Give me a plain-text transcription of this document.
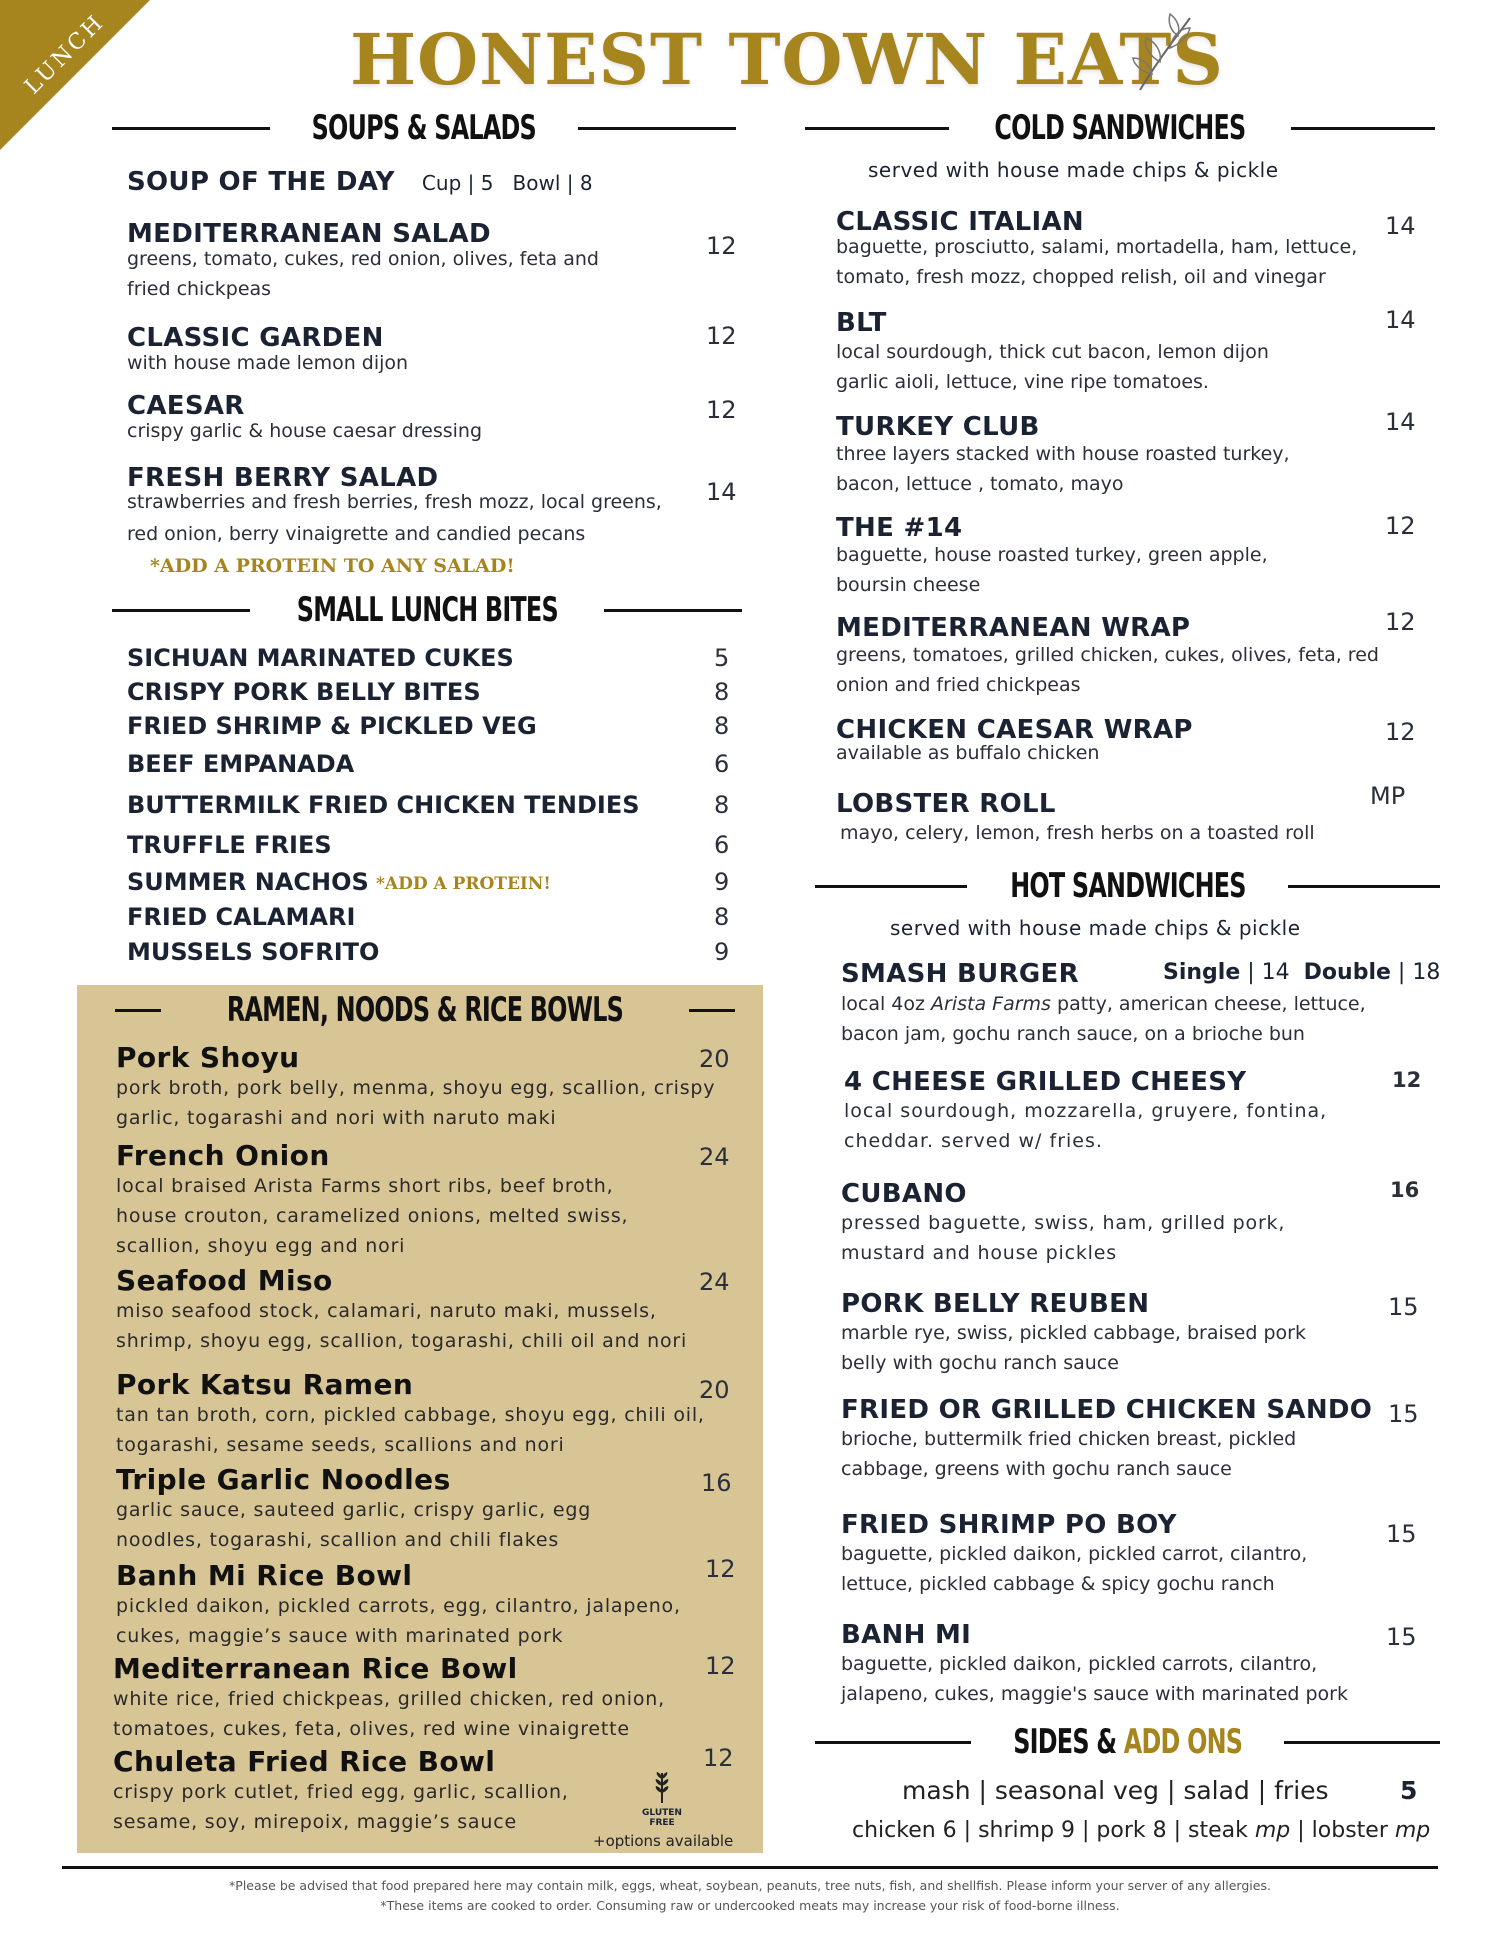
LUNCH	HONEST TOWN EATS
SOUPS & SALADS
SOUP OF THE DAY Cup | 5   Bowl | 8
MEDITERRANEAN SALAD
greens, tomato, cukes, red onion, olives, feta and fried chickpeas
12
CLASSIC GARDEN
with house made lemon dijon
12
CAESAR
crispy garlic & house caesar dressing
12
FRESH BERRY SALAD
strawberries and fresh berries, fresh mozz, local greens, red onion, berry vinaigrette and candied pecans
14
*ADD A PROTEIN TO ANY SALAD!
SMALL LUNCH BITES
SICHUAN MARINATED CUKES	5
CRISPY PORK BELLY BITES	8
FRIED SHRIMP & PICKLED VEG	8
BEEF EMPANADA	6
BUTTERMILK FRIED CHICKEN TENDIES	8
TRUFFLE FRIES	6
SUMMER NACHOS *ADD A PROTEIN!	9
FRIED CALAMARI	8
MUSSELS SOFRITO	9
RAMEN, NOODS & RICE BOWLS
Pork Shoyu
pork broth, pork belly, menma, shoyu egg, scallion, crispy garlic, togarashi and nori with naruto maki
20
French Onion
local braised Arista Farms short ribs, beef broth, house crouton, caramelized onions, melted swiss, scallion, shoyu egg and nori
24
Seafood Miso
miso seafood stock, calamari, naruto maki, mussels, shrimp, shoyu egg, scallion, togarashi, chili oil and nori
24
Pork Katsu Ramen
tan tan broth, corn, pickled cabbage, shoyu egg, chili oil, togarashi, sesame seeds, scallions and nori
20
Triple Garlic Noodles
garlic sauce, sauteed garlic, crispy garlic, egg noodles, togarashi, scallion and chili flakes
16
Banh Mi Rice Bowl
pickled daikon, pickled carrots, egg, cilantro, jalapeno, cukes, maggie’s sauce with marinated pork
12
Mediterranean Rice Bowl
white rice, fried chickpeas, grilled chicken, red onion, tomatoes, cukes, feta, olives, red wine vinaigrette
12
Chuleta Fried Rice Bowl
crispy pork cutlet, fried egg, garlic, scallion, sesame, soy, mirepoix, maggie’s sauce
12
GLUTEN FREE
+options available
COLD SANDWICHES
served with house made chips & pickle
CLASSIC ITALIAN
baguette, prosciutto, salami, mortadella, ham, lettuce, tomato, fresh mozz, chopped relish, oil and vinegar
14
BLT
local sourdough, thick cut bacon, lemon dijon garlic aioli, lettuce, vine ripe tomatoes.
14
TURKEY CLUB
three layers stacked with house roasted turkey, bacon, lettuce , tomato, mayo
14
THE #14
baguette, house roasted turkey, green apple, boursin cheese
12
MEDITERRANEAN WRAP
greens, tomatoes, grilled chicken, cukes, olives, feta, red onion and fried chickpeas
12
CHICKEN CAESAR WRAP
available as buffalo chicken
12
LOBSTER ROLL
mayo, celery, lemon, fresh herbs on a toasted roll
MP
HOT SANDWICHES
served with house made chips & pickle
SMASH BURGER
local 4oz Arista Farms patty, american cheese, lettuce, bacon jam, gochu ranch sauce, on a brioche bun
Single | 14 Double | 18
4 CHEESE GRILLED CHEESY
local sourdough, mozzarella, gruyere, fontina, cheddar. served w/ fries.
12
CUBANO
pressed baguette, swiss, ham, grilled pork, mustard and house pickles
16
PORK BELLY REUBEN
marble rye, swiss, pickled cabbage, braised pork belly with gochu ranch sauce
15
FRIED OR GRILLED CHICKEN SANDO
brioche, buttermilk fried chicken breast, pickled cabbage, greens with gochu ranch sauce
15
FRIED SHRIMP PO BOY
baguette, pickled daikon, pickled carrot, cilantro, lettuce, pickled cabbage & spicy gochu ranch
15
BANH MI
baguette, pickled daikon, pickled carrots, cilantro, jalapeno, cukes, maggie's sauce with marinated pork
15
SIDES & ADD ONS
mash | seasonal veg | salad | fries	5
chicken 6 | shrimp 9 | pork 8 | steak mp | lobster mp
*Please be advised that food prepared here may contain milk, eggs, wheat, soybean, peanuts, tree nuts, fish, and shellfish. Please inform your server of any allergies.
*These items are cooked to order. Consuming raw or undercooked meats may increase your risk of food-borne illness.
